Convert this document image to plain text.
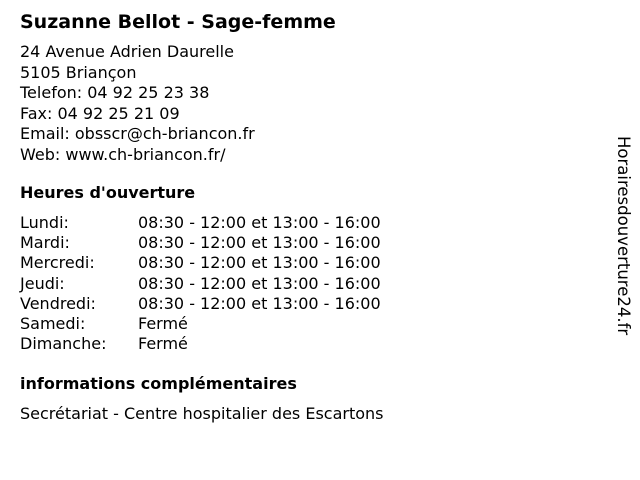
Suzanne Bellot - Sage-femme
24 Avenue Adrien Daurelle
5105 Briançon
Telefon: 04 92 25 23 38
Fax: 04 92 25 21 09
Email: obsscr@ch-briancon.fr
Web: www.ch-briancon.fr/
Heures d'ouverture
Lundi:	08:30 - 12:00 et 13:00 - 16:00
Mardi:	08:30 - 12:00 et 13:00 - 16:00
Mercredi:	08:30 - 12:00 et 13:00 - 16:00
Jeudi:	08:30 - 12:00 et 13:00 - 16:00
Vendredi:	08:30 - 12:00 et 13:00 - 16:00
Samedi:	Fermé
Dimanche:	Fermé
informations complémentaires
Secrétariat - Centre hospitalier des Escartons
Horairesdouverture24.fr
